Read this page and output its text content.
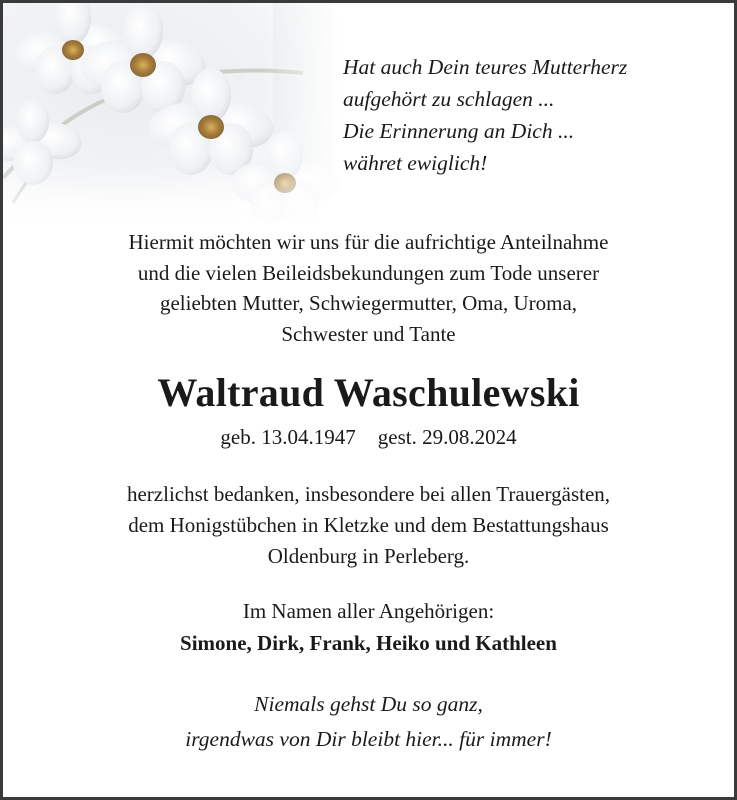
Hat auch Dein teures Mutterherz
aufgehört zu schlagen ...
Die Erinnerung an Dich ...
währet ewiglich!
Hiermit möchten wir uns für die aufrichtige Anteilnahme
und die vielen Beileidsbekundungen zum Tode unserer
geliebten Mutter, Schwiegermutter, Oma, Uroma,
Schwester und Tante
Waltraud Waschulewski
geb. 13.04.1947 gest. 29.08.2024
herzlichst bedanken, insbesondere bei allen Trauergästen,
dem Honigstübchen in Kletzke und dem Bestattungshaus
Oldenburg in Perleberg.
Im Namen aller Angehörigen:
Simone, Dirk, Frank, Heiko und Kathleen
Niemals gehst Du so ganz,
irgendwas von Dir bleibt hier... für immer!
